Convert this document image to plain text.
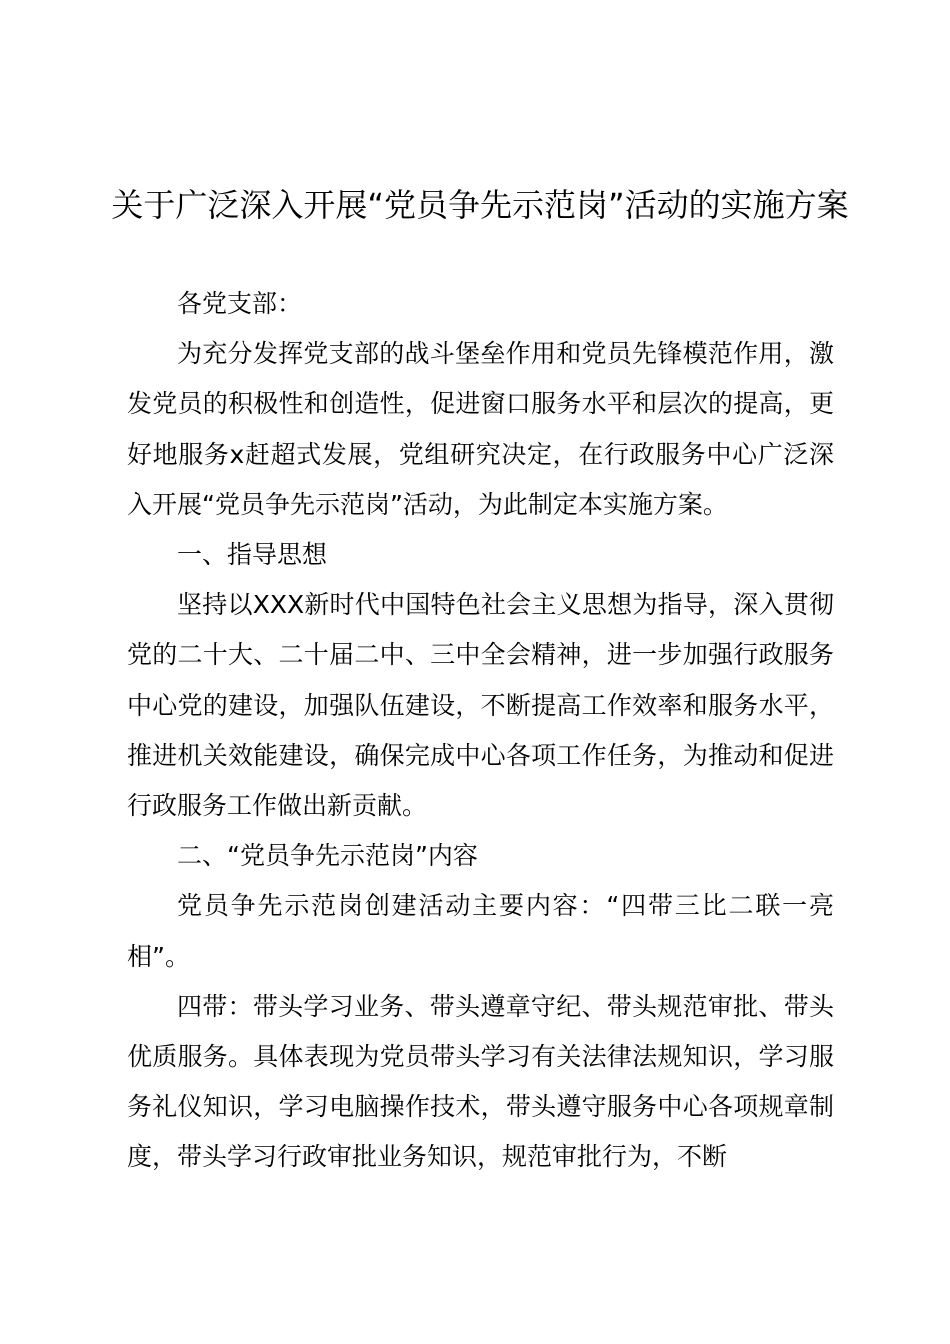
关于广泛深入开展“党员争先示范岗”活动的实施方案

各党支部：

为充分发挥党支部的战斗堡垒作用和党员先锋模范作用，激发党员的积极性和创造性，促进窗口服务水平和层次的提高，更好地服务x赶超式发展，党组研究决定，在行政服务中心广泛深入开展“党员争先示范岗”活动，为此制定本实施方案。

一、指导思想

坚持以XXX新时代中国特色社会主义思想为指导，深入贯彻党的二十大、二十届二中、三中全会精神，进一步加强行政服务中心党的建设，加强队伍建设，不断提高工作效率和服务水平，推进机关效能建设，确保完成中心各项工作任务，为推动和促进行政服务工作做出新贡献。

二、“党员争先示范岗”内容

党员争先示范岗创建活动主要内容：“四带三比二联一亮相”。

四带：带头学习业务、带头遵章守纪、带头规范审批、带头优质服务。具体表现为党员带头学习有关法律法规知识，学习服务礼仪知识，学习电脑操作技术，带头遵守服务中心各项规章制度，带头学习行政审批业务知识，规范审批行为，不断
